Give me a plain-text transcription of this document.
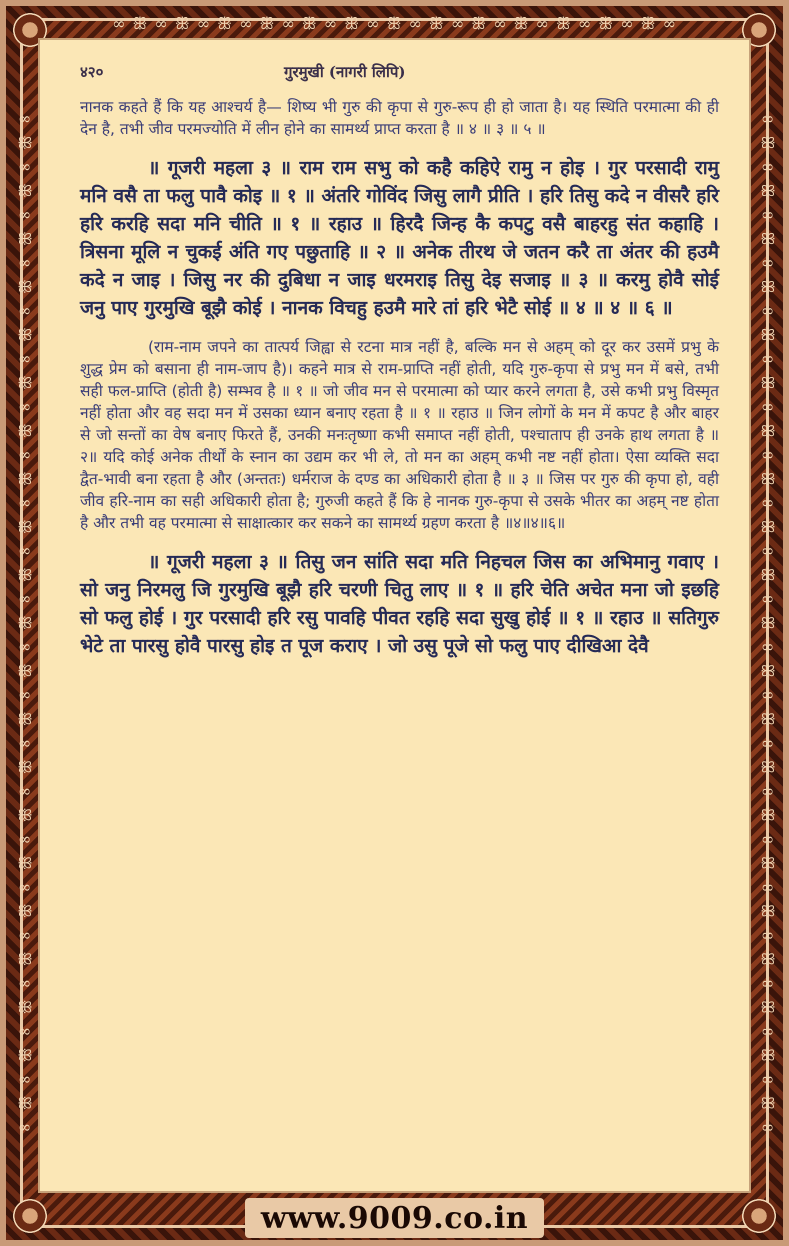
∞ ꕥ ∞ ꕥ ∞ ꕥ ∞ ꕥ ∞ ꕥ ∞ ꕥ ∞ ꕥ ∞ ꕥ ∞ ꕥ ∞ ꕥ ∞ ꕥ ∞ ꕥ ∞ ꕥ ∞
∞ ꕥ ∞ ꕥ ∞ ꕥ ∞ ꕥ ∞ ꕥ ∞ ꕥ ∞ ꕥ ∞ ꕥ ∞ ꕥ ∞ ꕥ ∞ ꕥ ∞ ꕥ ∞ ꕥ ∞ ꕥ ∞ ꕥ ∞ ꕥ ∞ ꕥ ∞ ꕥ ∞ ꕥ ∞ ꕥ ∞ ꕥ ∞	∞ ꕥ ∞ ꕥ ∞ ꕥ ∞ ꕥ ∞ ꕥ ∞ ꕥ ∞ ꕥ ∞ ꕥ ∞ ꕥ ∞ ꕥ ∞ ꕥ ∞ ꕥ ∞ ꕥ ∞ ꕥ ∞ ꕥ ∞ ꕥ ∞ ꕥ ∞ ꕥ ∞ ꕥ ∞ ꕥ ∞ ꕥ ∞
४२०	गुरमुखी (नागरी लिपि)

नानक कहते हैं कि यह आश्चर्य है— शिष्य भी गुरु की कृपा से गुरु-रूप ही हो जाता है। यह स्थिति परमात्मा की ही देन है, तभी जीव परमज्योति में लीन होने का सामर्थ्य प्राप्त करता है ॥ ४ ॥ ३ ॥ ५ ॥

॥ गूजरी महला ३ ॥ राम राम सभु को कहै कहिऐ रामु न होइ । गुर परसादी रामु मनि वसै ता फलु पावै कोइ ॥ १ ॥ अंतरि गोविंद जिसु लागै प्रीति । हरि तिसु कदे न वीसरै हरि हरि करहि सदा मनि चीति ॥ १ ॥ रहाउ ॥ हिरदै जिन्ह कै कपटु वसै बाहरहु संत कहाहि । त्रिसना मूलि न चुकई अंति गए पछुताहि ॥ २ ॥ अनेक तीरथ जे जतन करै ता अंतर की हउमै कदे न जाइ । जिसु नर की दुबिधा न जाइ धरमराइ तिसु देइ सजाइ ॥ ३ ॥ करमु होवै सोई जनु पाए गुरमुखि बूझै कोई । नानक विचहु हउमै मारे तां हरि भेटै सोई ॥ ४ ॥ ४ ॥ ६ ॥

(राम-नाम जपने का तात्पर्य जिह्वा से रटना मात्र नहीं है, बल्कि मन से अहम् को दूर कर उसमें प्रभु के शुद्ध प्रेम को बसाना ही नाम-जाप है)। कहने मात्र से राम-प्राप्ति नहीं होती, यदि गुरु-कृपा से प्रभु मन में बसे, तभी सही फल-प्राप्ति (होती है) सम्भव है ॥ १ ॥ जो जीव मन से परमात्मा को प्यार करने लगता है, उसे कभी प्रभु विस्मृत नहीं होता और वह सदा मन में उसका ध्यान बनाए रहता है ॥ १ ॥ रहाउ ॥ जिन लोगों के मन में कपट है और बाहर से जो सन्तों का वेष बनाए फिरते हैं, उनकी मनःतृष्णा कभी समाप्त नहीं होती, पश्चाताप ही उनके हाथ लगता है ॥२॥ यदि कोई अनेक तीर्थों के स्नान का उद्यम कर भी ले, तो मन का अहम् कभी नष्ट नहीं होता। ऐसा व्यक्ति सदा द्वैत-भावी बना रहता है और (अन्ततः) धर्मराज के दण्ड का अधिकारी होता है ॥ ३ ॥ जिस पर गुरु की कृपा हो, वही जीव हरि-नाम का सही अधिकारी होता है; गुरुजी कहते हैं कि हे नानक गुरु-कृपा से उसके भीतर का अहम् नष्ट होता है और तभी वह परमात्मा से साक्षात्कार कर सकने का सामर्थ्य ग्रहण करता है ॥४॥४॥६॥

॥ गूजरी महला ३ ॥ तिसु जन सांति सदा मति निहचल जिस का अभिमानु गवाए । सो जनु निरमलु जि गुरमुखि बूझै हरि चरणी चितु लाए ॥ १ ॥ हरि चेति अचेत मना जो इछहि सो फलु होई । गुर परसादी हरि रसु पावहि पीवत रहहि सदा सुखु होई ॥ १ ॥ रहाउ ॥ सतिगुरु भेटे ता पारसु होवै पारसु होइ त पूज कराए । जो उसु पूजे सो फलु पाए दीखिआ देवै

www.9009.co.in
